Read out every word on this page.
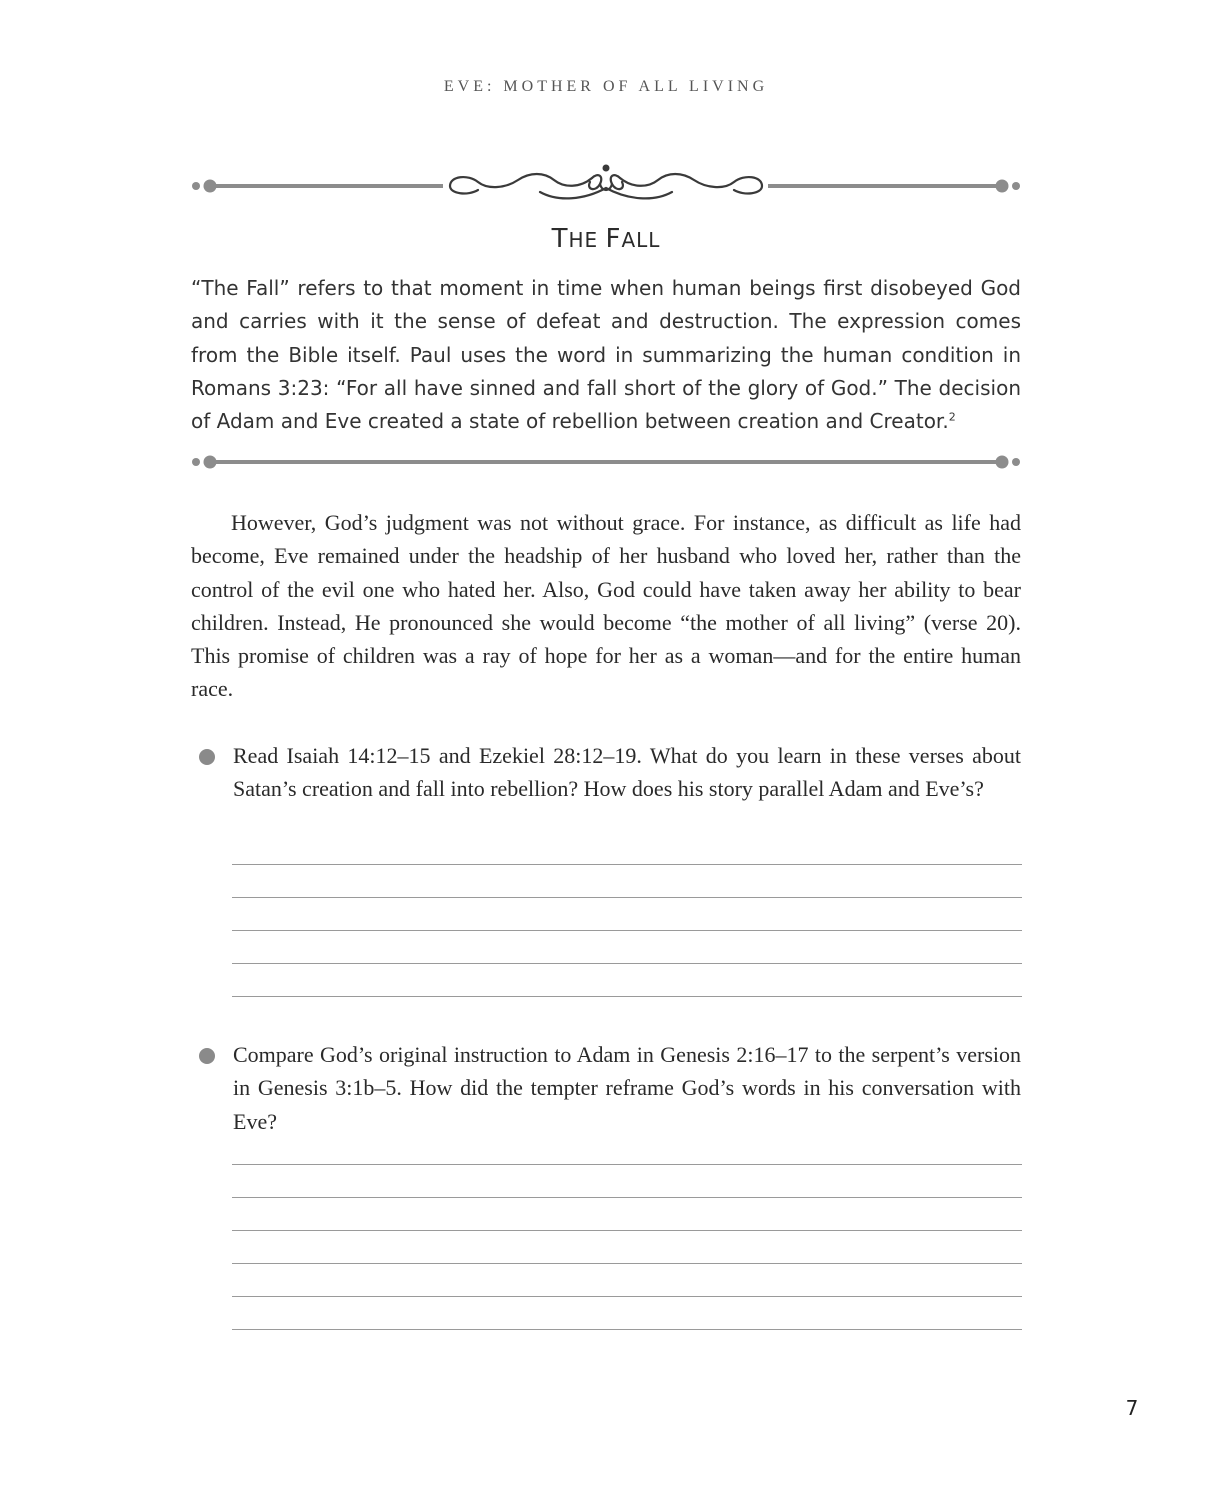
EVE: MOTHER OF ALL LIVING
THE FALL
“The Fall” refers to that moment in time when human beings first disobeyed God and carries with it the sense of defeat and destruction. The expression comes from the Bible itself. Paul uses the word in summarizing the human condition in Romans 3:23: “For all have sinned and fall short of the glory of God.” The decision of Adam and Eve created a state of rebellion between creation and Creator.$^2$
However, God’s judgment was not without grace. For instance, as difficult as life had become, Eve remained under the headship of her husband who loved her, rather than the control of the evil one who hated her. Also, God could have taken away her ability to bear children. Instead, He pronounced she would become “the mother of all living” (verse 20). This promise of children was a ray of hope for her as a woman—and for the entire human race.
Read Isaiah 14:12–15 and Ezekiel 28:12–19. What do you learn in these verses about Satan’s creation and fall into rebellion? How does his story parallel Adam and Eve’s?
Compare God’s original instruction to Adam in Genesis 2:16–17 to the serpent’s version in Genesis 3:1b–5. How did the tempter reframe God’s words in his conversation with Eve?
7
